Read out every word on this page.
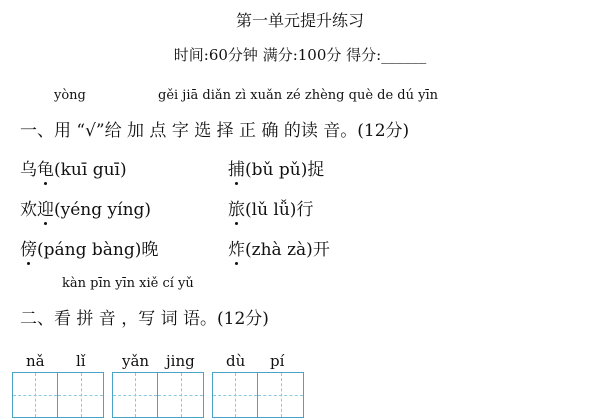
第一单元提升练习
时间:60分钟 满分:100分 得分:______
yòng	gěi jiā diǎn zì xuǎn zé zhèng què de dú yīn
一、用 “√”给 加 点 字 选 择 正 确 的读 音。(12分)
乌龟(kuī guī)	捕(bǔ pǔ)捉
欢迎(yéng yíng)	旅(lǔ lǚ)行
傍(páng bàng)晚	炸(zhà zà)开
kàn pīn yīn xiě cí yǔ
二、看 拼 音 ，写 词 语。(12分)
nǎ lǐ yǎn jing dù pí
